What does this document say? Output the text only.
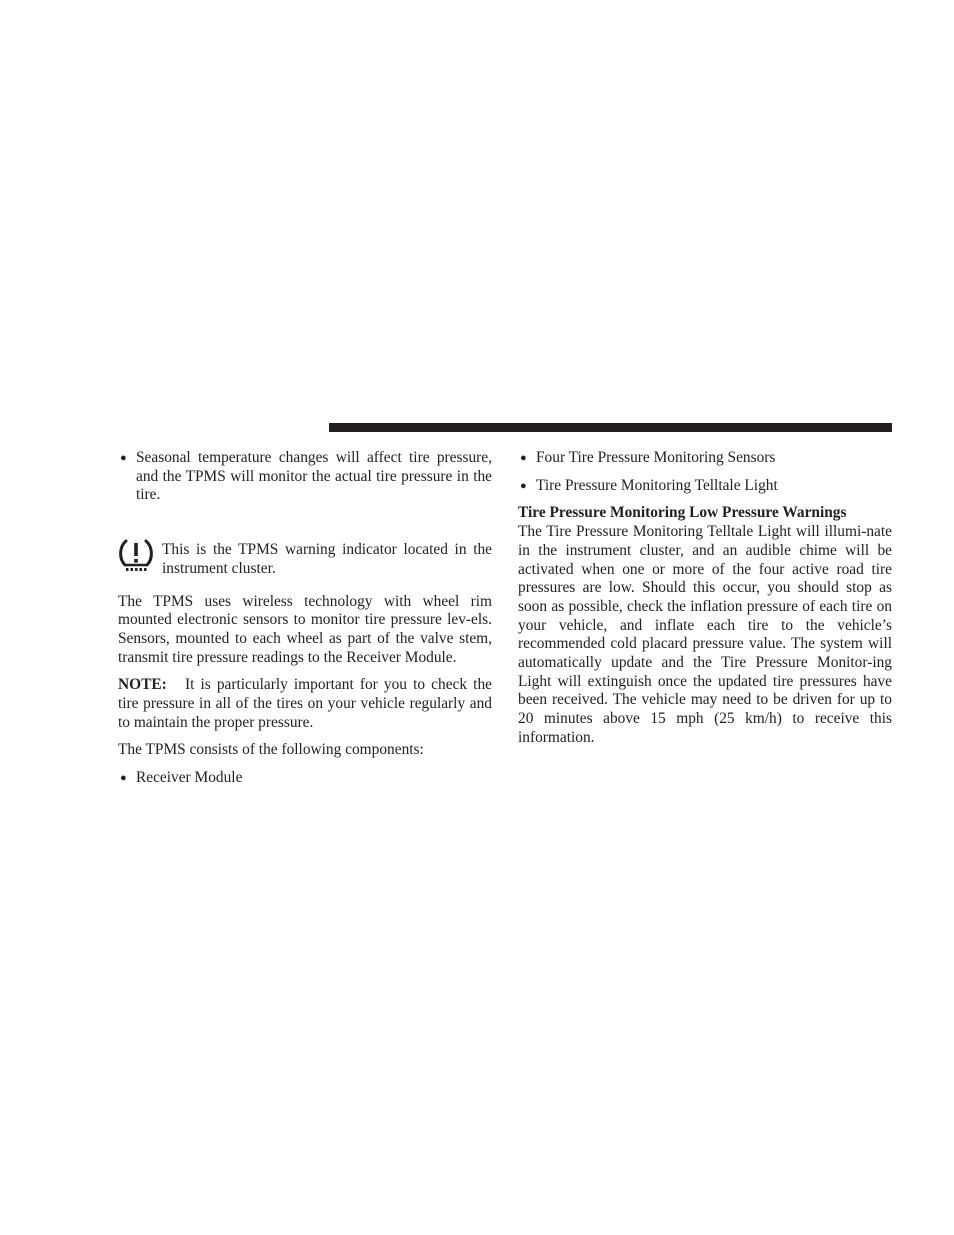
● Seasonal temperature changes will affect tire pressure, and the TPMS will monitor the actual tire pressure in the tire.

This is the TPMS warning indicator located in the instrument cluster.

The TPMS uses wireless technology with wheel rim mounted electronic sensors to monitor tire pressure lev-els. Sensors, mounted to each wheel as part of the valve stem, transmit tire pressure readings to the Receiver Module.

NOTE: It is particularly important for you to check the tire pressure in all of the tires on your vehicle regularly and to maintain the proper pressure.

The TPMS consists of the following components:

● Receiver Module

● Four Tire Pressure Monitoring Sensors

● Tire Pressure Monitoring Telltale Light

Tire Pressure Monitoring Low Pressure Warnings

The Tire Pressure Monitoring Telltale Light will illumi-nate in the instrument cluster, and an audible chime will be activated when one or more of the four active road tire pressures are low. Should this occur, you should stop as soon as possible, check the inflation pressure of each tire on your vehicle, and inflate each tire to the vehicle’s recommended cold placard pressure value. The system will automatically update and the Tire Pressure Monitor-ing Light will extinguish once the updated tire pressures have been received. The vehicle may need to be driven for up to 20 minutes above 15 mph (25 km/h) to receive this information.
